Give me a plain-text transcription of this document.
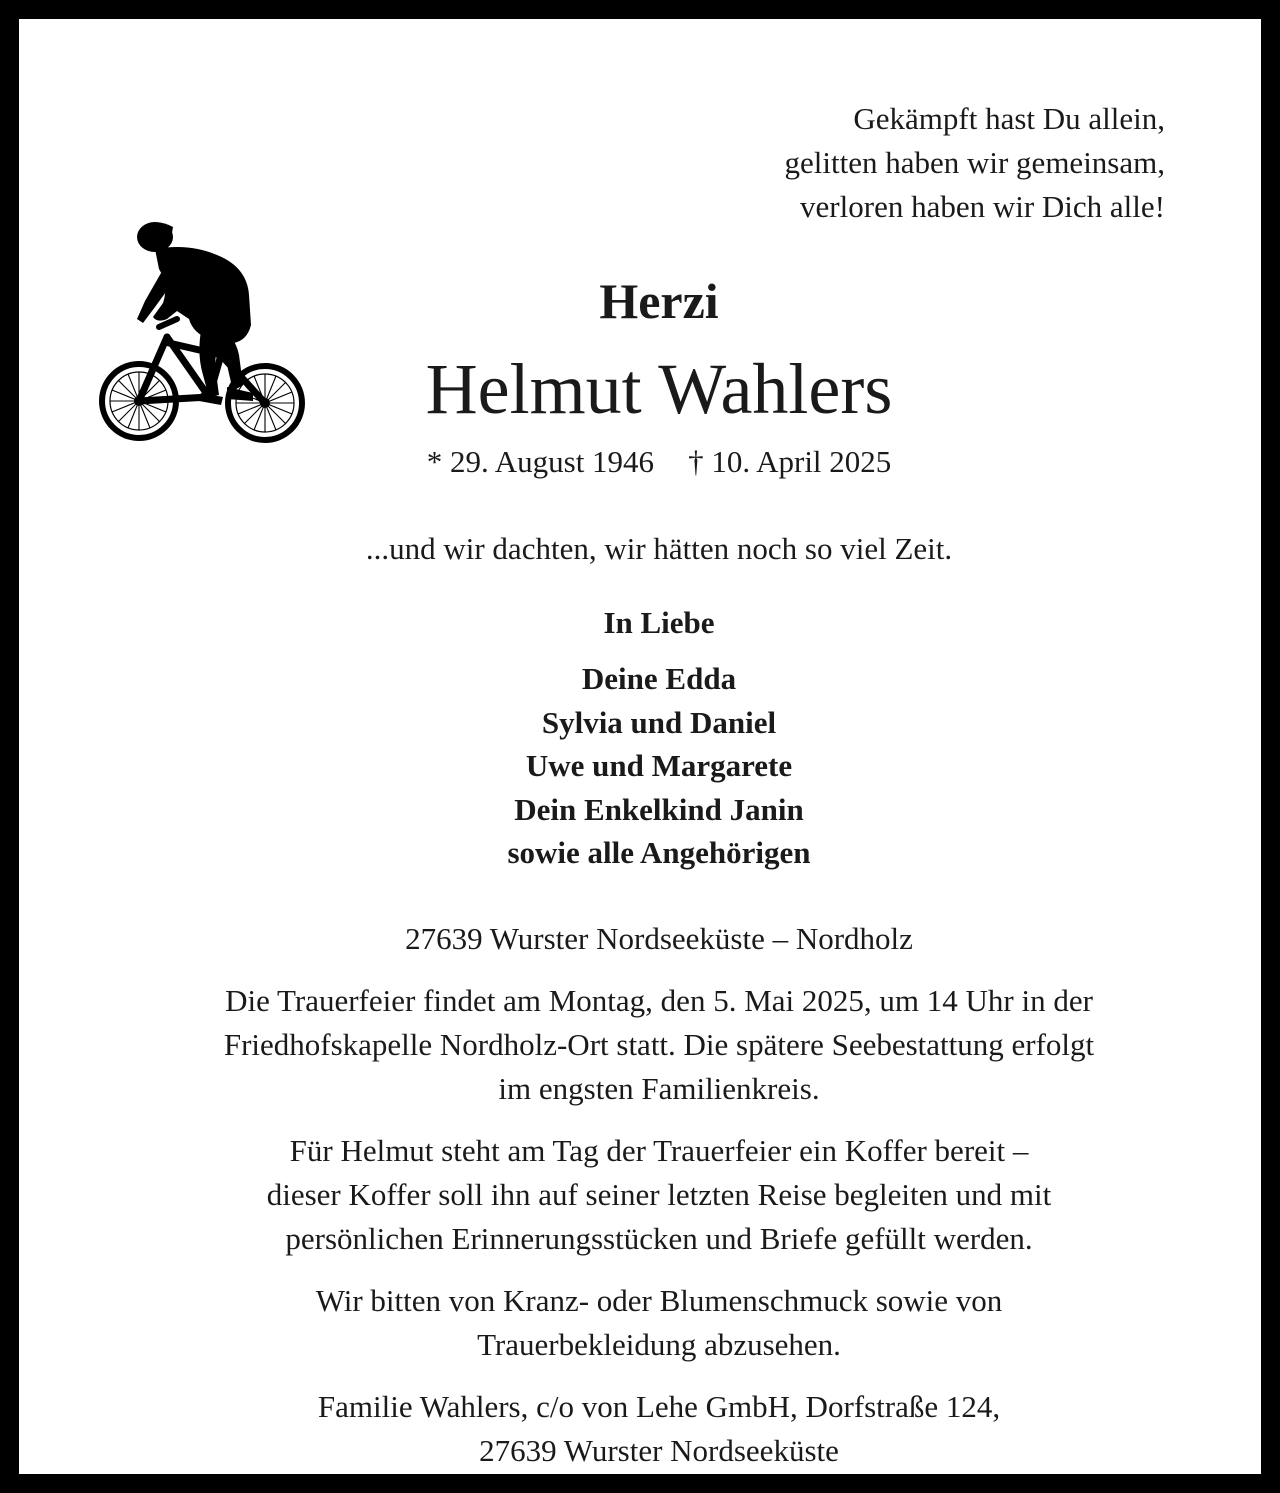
Gekämpft hast Du allein,
gelitten haben wir gemeinsam,
verloren haben wir Dich alle!
Herzi
Helmut Wahlers
* 29. August 1946 † 10. April 2025
...und wir dachten, wir hätten noch so viel Zeit.
In Liebe
Deine Edda
Sylvia und Daniel
Uwe und Margarete
Dein Enkelkind Janin
sowie alle Angehörigen
27639 Wurster Nordseeküste – Nordholz
Die Trauerfeier findet am Montag, den 5. Mai 2025, um 14 Uhr in der
Friedhofskapelle Nordholz-Ort statt. Die spätere Seebestattung erfolgt
im engsten Familienkreis.
Für Helmut steht am Tag der Trauerfeier ein Koffer bereit –
dieser Koffer soll ihn auf seiner letzten Reise begleiten und mit
persönlichen Erinnerungsstücken und Briefe gefüllt werden.
Wir bitten von Kranz- oder Blumenschmuck sowie von
Trauerbekleidung abzusehen.
Familie Wahlers, c/o von Lehe GmbH, Dorfstraße 124,
27639 Wurster Nordseeküste
